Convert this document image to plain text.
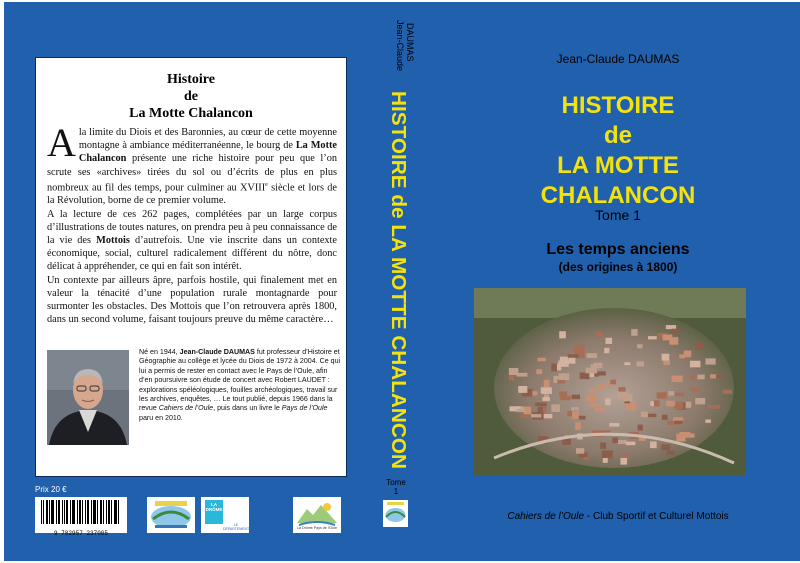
Histoire
de
La Motte Chalancon

A la limite du Diois et des Baronnies, au cœur de cette moyenne montagne à ambiance méditerranéenne, le bourg de La Motte Chalancon présente une riche histoire pour peu que l’on scrute ses «archives» tirées du sol ou d’écrits de plus en plus nombreux au fil des temps, pour culminer au XVIIIe siècle et lors de la Révolution, borne de ce premier volume.

A la lecture de ces 262 pages, complétées par un large corpus d’illustrations de toutes natures, on prendra peu à peu connaissance de la vie des Mottois d’autrefois. Une vie inscrite dans un contexte économique, social, culturel radicalement différent du nôtre, donc délicat à appréhender, ce qui en fait son intérêt.

Un contexte par ailleurs âpre, parfois hostile, qui finalement met en valeur la ténacité d’une population rurale montagnarde pour surmonter les obstacles. Des Mottois que l’on retrouvera après 1800, dans un second volume, faisant toujours preuve du même caractère…

Né en 1944, Jean-Claude DAUMAS fut professeur d’Histoire et Géographie au collège et lycée du Diois de 1972 à 2004. Ce qui lui a permis de rester en contact avec le Pays de l’Oule, afin d’en poursuivre son étude de concert avec Robert LAUDET : explorations spéléologiques, fouilles archéologiques, travail sur les archives, enquêtes, … Le tout publié, depuis 1966 dans la revue Cahiers de l’Oule, puis dans un livre le Pays de l’Oule paru en 2010.
Prix 20 €
9 782957 237005
LA DRÔME
LE DÉPARTEMENT	La Drôme Pays de l’Oule
Jean-Claude DAUMAS
HISTOIRE de LA MOTTE CHALANCON
Tome
1
Jean-Claude DAUMAS
HISTOIRE
de
LA MOTTE CHALANCON
Tome 1
Les temps anciens
(des origines à 1800)
Cahiers de l’Oule - Club Sportif et Culturel Mottois
